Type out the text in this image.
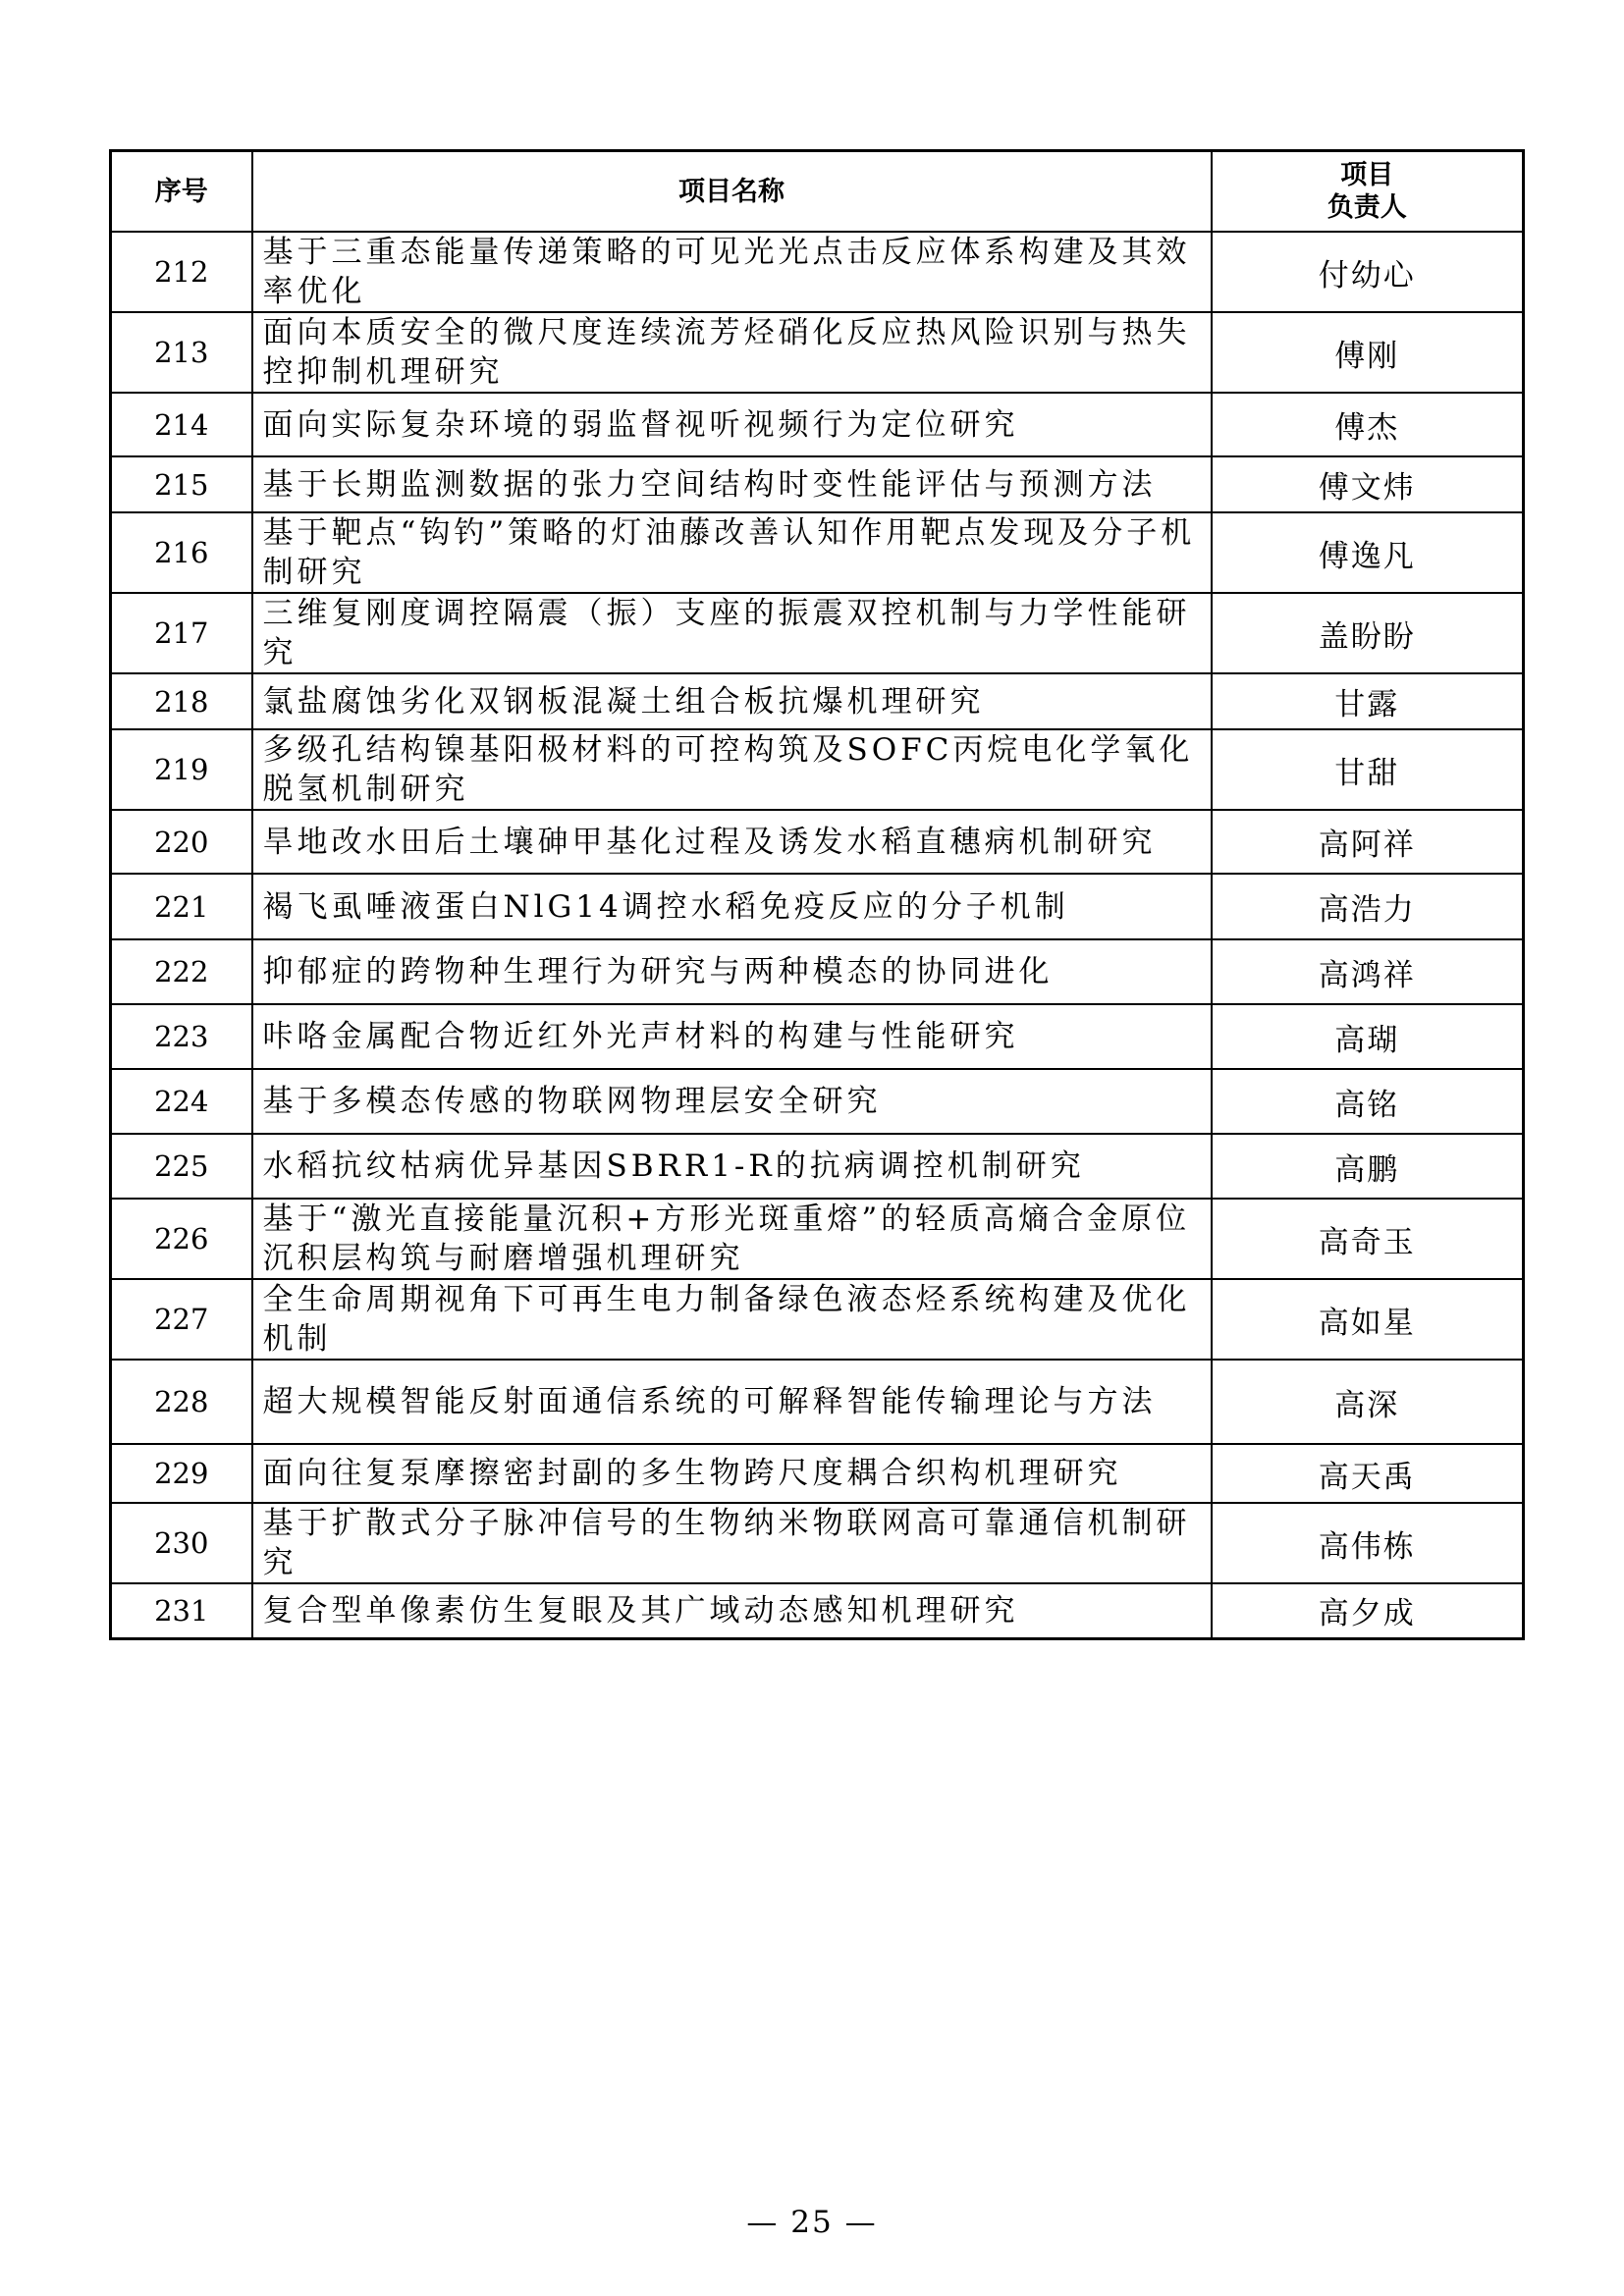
序号	项目名称	项目
负责人

212	基于三重态能量传递策略的可见光光点击反应体系构建及其效率优化	付幼心
213	面向本质安全的微尺度连续流芳烃硝化反应热风险识别与热失控抑制机理研究	傅刚
214	面向实际复杂环境的弱监督视听视频行为定位研究	傅杰
215	基于长期监测数据的张力空间结构时变性能评估与预测方法	傅文炜
216	基于靶点“钩钓”策略的灯油藤改善认知作用靶点发现及分子机制研究	傅逸凡
217	三维复刚度调控隔震（振）支座的振震双控机制与力学性能研究	盖盼盼
218	氯盐腐蚀劣化双钢板混凝土组合板抗爆机理研究	甘露
219	多级孔结构镍基阳极材料的可控构筑及SOFC丙烷电化学氧化脱氢机制研究	甘甜
220	旱地改水田后土壤砷甲基化过程及诱发水稻直穗病机制研究	高阿祥
221	褐飞虱唾液蛋白NlG14调控水稻免疫反应的分子机制	高浩力
222	抑郁症的跨物种生理行为研究与两种模态的协同进化	高鸿祥
223	咔咯金属配合物近红外光声材料的构建与性能研究	高瑚
224	基于多模态传感的物联网物理层安全研究	高铭
225	水稻抗纹枯病优异基因SBRR1-R的抗病调控机制研究	高鹏
226	基于“激光直接能量沉积+方形光斑重熔”的轻质高熵合金原位沉积层构筑与耐磨增强机理研究	高奇玉
227	全生命周期视角下可再生电力制备绿色液态烃系统构建及优化机制	高如星
228	超大规模智能反射面通信系统的可解释智能传输理论与方法	高深
229	面向往复泵摩擦密封副的多生物跨尺度耦合织构机理研究	高天禹
230	基于扩散式分子脉冲信号的生物纳米物联网高可靠通信机制研究	高伟栋
231	复合型单像素仿生复眼及其广域动态感知机理研究	高夕成
— 25 —
